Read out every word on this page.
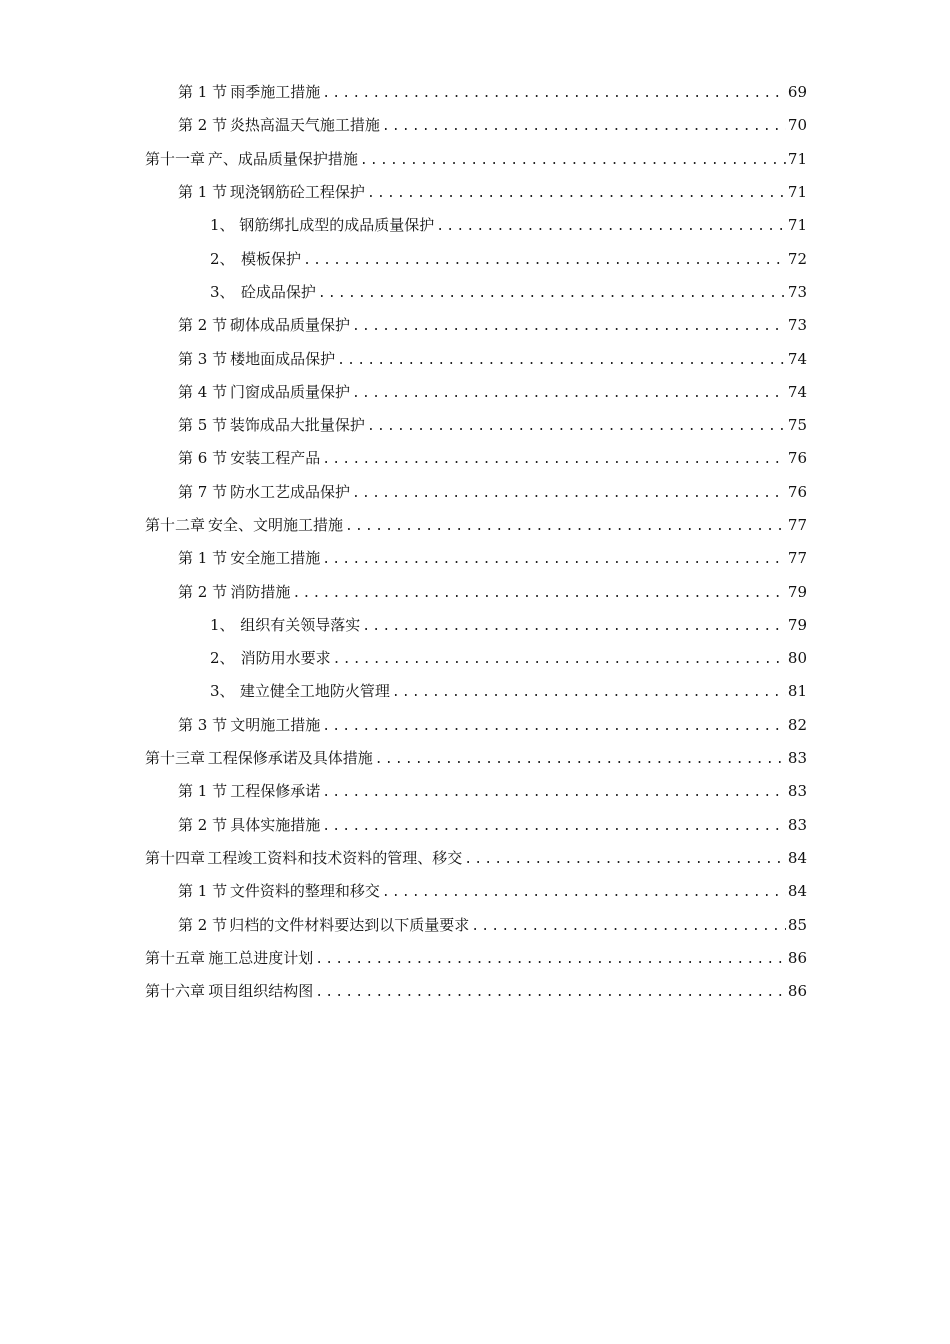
第 1 节 雨季施工措施 .....	69
第 2 节 炎热高温天气施工措施 .....	70
第十一章 产、成品质量保护措施 .....	71
第 1 节 现浇钢筋砼工程保护 .....	71
1、 钢筋绑扎成型的成品质量保护 .....	71
2、 模板保护 .....	72
3、 砼成品保护 .....	73
第 2 节 砌体成品质量保护 .....	73
第 3 节 楼地面成品保护 .....	74
第 4 节 门窗成品质量保护 .....	74
第 5 节 装饰成品大批量保护 .....	75
第 6 节 安装工程产品 .....	76
第 7 节 防水工艺成品保护 .....	76
第十二章 安全、文明施工措施 .....	77
第 1 节 安全施工措施 .....	77
第 2 节 消防措施 .....	79
1、 组织有关领导落实 .....	79
2、 消防用水要求 .....	80
3、 建立健全工地防火管理 .....	81
第 3 节 文明施工措施 .....	82
第十三章 工程保修承诺及具体措施 .....	83
第 1 节 工程保修承诺 .....	83
第 2 节 具体实施措施 .....	83
第十四章 工程竣工资料和技术资料的管理、移交 .....	84
第 1 节 文件资料的整理和移交 .....	84
第 2 节 归档的文件材料要达到以下质量要求 .....	85
第十五章 施工总进度计划 .....	86
第十六章 项目组织结构图 .....	86
